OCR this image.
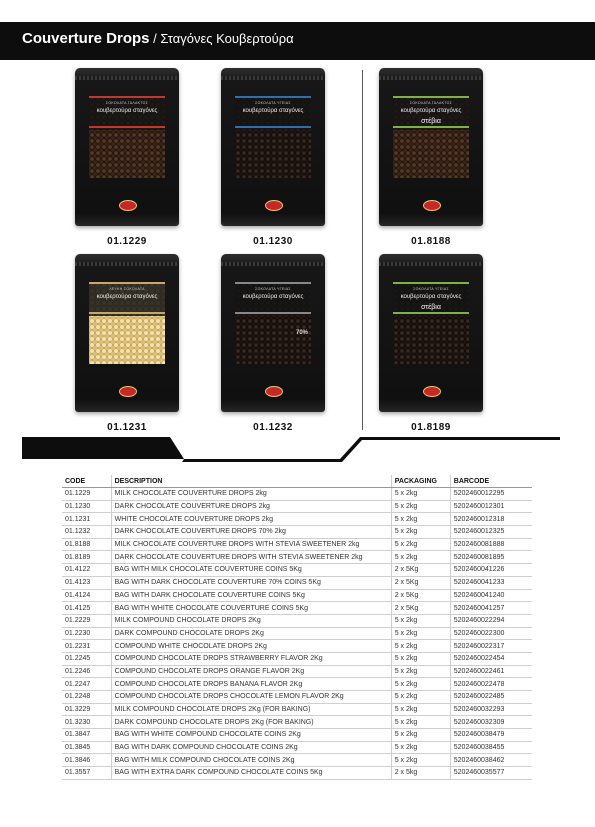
Couverture Drops / Σταγόνες Κουβερτούρα
ΣΟΚΟΛΑΤΑ ΓΑΛΑΚΤΟΣ
κουβερτούρα σταγόνες
01.1229
ΣΟΚΟΛΑΤΑ ΥΓΕΙΑΣ
κουβερτούρα σταγόνες
01.1230
ΣΟΚΟΛΑΤΑ ΓΑΛΑΚΤΟΣ
κουβερτούρα σταγόνες
στέβια
01.8188
ΛΕΥΚΗ ΣΟΚΟΛΑΤΑ
κουβερτούρα σταγόνες
01.1231
ΣΟΚΟΛΑΤΑ ΥΓΕΙΑΣ
κουβερτούρα σταγόνες
70%
01.1232
ΣΟΚΟΛΑΤΑ ΥΓΕΙΑΣ
κουβερτούρα σταγόνες
στέβια
01.8189
CODE	DESCRIPTION	PACKAGING	BARCODE
01.1229	MILK CHOCOLATE COUVERTURE DROPS 2kg	5 x 2kg	5202460012295
01.1230	DARK CHOCOLATE COUVERTURE DROPS 2kg	5 x 2kg	5202460012301
01.1231	WHITE CHOCOLATE COUVERTURE DROPS 2kg	5 x 2kg	5202460012318
01.1232	DARK CHOCOLATE COUVERTURE DROPS 70% 2kg	5 x 2kg	5202460012325
01.8188	MILK CHOCOLATE COUVERTURE DROPS WITH STEVIA SWEETENER 2kg	5 x 2kg	5202460081888
01.8189	DARK CHOCOLATE COUVERTURE DROPS WITH STEVIA SWEETENER 2kg	5 x 2kg	5202460081895
01.4122	BAG WITH MILK CHOCOLATE COUVERTURE COINS 5Kg	2 x 5Kg	5202460041226
01.4123	BAG WITH DARK CHOCOLATE COUVERTURE 70% COINS 5Kg	2 x 5Kg	5202460041233
01.4124	BAG WITH DARK CHOCOLATE COUVERTURE COINS 5Kg	2 x 5Kg	5202460041240
01.4125	BAG WITH WHITE CHOCOLATE COUVERTURE COINS 5Kg	2 x 5Kg	5202460041257
01.2229	MILK COMPOUND CHOCOLATE DROPS 2Kg	5 x 2kg	5202460022294
01.2230	DARK COMPOUND CHOCOLATE DROPS 2Kg	5 x 2kg	5202460022300
01.2231	COMPOUND WHITE CHOCOLATE DROPS 2Kg	5 x 2kg	5202460022317
01.2245	COMPOUND CHOCOLATE DROPS STRAWBERRY FLAVOR 2Kg	5 x 2kg	5202460022454
01.2246	COMPOUND CHOCOLATE DROPS ORANGE FLAVOR 2Kg	5 x 2kg	5202460022461
01.2247	COMPOUND CHOCOLATE DROPS BANANA FLAVOR 2Kg	5 x 2kg	5202460022478
01.2248	COMPOUND CHOCOLATE DROPS CHOCOLATE LEMON FLAVOR 2Kg	5 x 2kg	5202460022485
01.3229	MILK COMPOUND CHOCOLATE DROPS 2Kg (FOR BAKING)	5 x 2kg	5202460032293
01.3230	DARK COMPOUND CHOCOLATE DROPS 2Kg (FOR BAKING)	5 x 2kg	5202460032309
01.3847	BAG WITH WHITE COMPOUND CHOCOLATE COINS 2Kg	5 x 2kg	5202460038479
01.3845	BAG WITH DARK COMPOUND CHOCOLATE COINS 2Kg	5 x 2kg	5202460038455
01.3846	BAG WITH MILK COMPOUND CHOCOLATE COINS 2Kg	5 x 2kg	5202460038462
01.3557	BAG WITH EXTRA DARK COMPOUND CHOCOLATE COINS 5Kg	2 x 5kg	5202460035577
